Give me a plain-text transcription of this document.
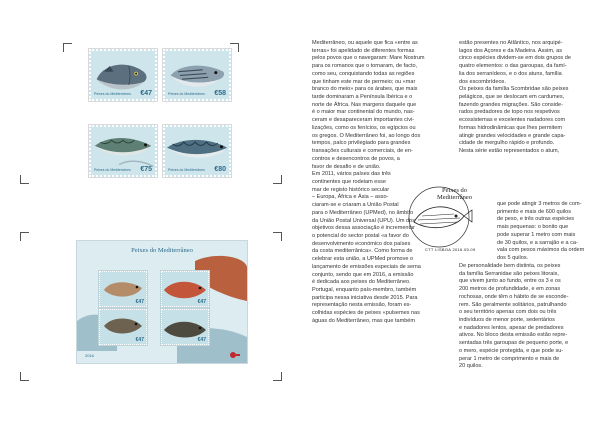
Peixes do Mediterrâneo €47	Peixes do Mediterrâneo €58
Peixes do Mediterrâneo €75	Peixes do Mediterrâneo €80
Peixes do Mediterrâneo
€47	€47
€47	€47
2016

Mediterrâneo, ou aquele que fica «entre as

terras» foi apelidado de diferentes formas

pelos povos que o navegaram: Mare Nostrum

para os romanos que o tornaram, de facto,

como seu, conquistando todas as regiões

que tinham este mar de permeio; ou «mar

branco do meio» para os árabes, que mais

tarde dominaram a Península Ibérica e o

norte de África. Nas margens daquele que

é o maior mar continental do mundo, nas-

ceram e desapareceram importantes civi-

lizações, como os fenícios, os egípcios ou

os gregos. O Mediterrâneo foi, ao longo dos

tempos, palco privilegiado para grandes

transações culturais e comerciais, de en-

contros e desencontros de povos, a

favor de desafio e de união.

Em 2011, vários países das três

continentes que rodeiam esse

mar de registo histórico secular

– Europa, África e Ásia – asso-

ciaram-se e criaram a União Postal

para o Mediterrâneo (UPMed), no âmbito

da União Postal Universal (UPU). Um dos

objetivos dessa associação é incrementar

o potencial do sector postal «a favor do

desenvolvimento económico dos países

da costa mediterrânica». Como forma de

celebrar esta união, a UPMed promove o

lançamento de emissões especiais de sema

conjunto, sendo que em 2016, a emissão

é dedicada aos peixes do Mediterrâneo.

Portugal, enquanto país-membro, também

participa nessa iniciativa desde 2015. Para

representação nesta emissão, foram es-

colhidas espécies de peixes «pulsemes nas

águas do Mediterrâneo, mas que também

estão presentes no Atlântico, nos arquipé-

lagos dos Açores e da Madeira. Assim, as

cinco espécies dividem-se em dois grupos de

quatro elementos: o das garoupas, da famí-

lia dos serranídeos, e o dos atuns, família

dos escombrídeos.

Os peixes da família Scombridae são peixes

pelágicos, que se deslocam em cardumes,

fazendo grandes migrações. São conside-

rados predadores de topo nos respetivos

ecossistemas e excelentes nadadores com

formas hidrodinâmicas que lhes permitem

atingir grandes velocidades e grande capa-

cidade de mergulho rápido e profundo.

Nesta série estão representados o atum,

que pode atingir 3 metros de com-

primento e mais de 600 quilos

de peso, e três outras espécies

mais pequenas: o bonito que

pode superar 1 metro com mais

de 30 quilos, e a sarrajão e a ca-

vala com pesos máximos da ordem

dos 5 quilos.

De personalidade bem distinta, os peixes

da família Serranidae são peixes litorais,

que vivem junto ao fundo, entre os 3 e os

200 metros de profundidade, e em zonas

rochosas, onde têm o hábito de se esconde-

rem. São geralmente solitários, patrulhando

o seu território apenas com dois ou três

indivíduos de menor porte, sedentários

e nadadores lentos, apesar de predadores

ativos. No bloco desta emissão estão repre-

sentadas três garoupas de pequeno porte, e

o mero, espécie protegida, e que pode su-

perar 1 metro de comprimento e mais de

20 quilos.

Peixes do
Mediterrâneo
CTT LISBOA 2016.05.09
